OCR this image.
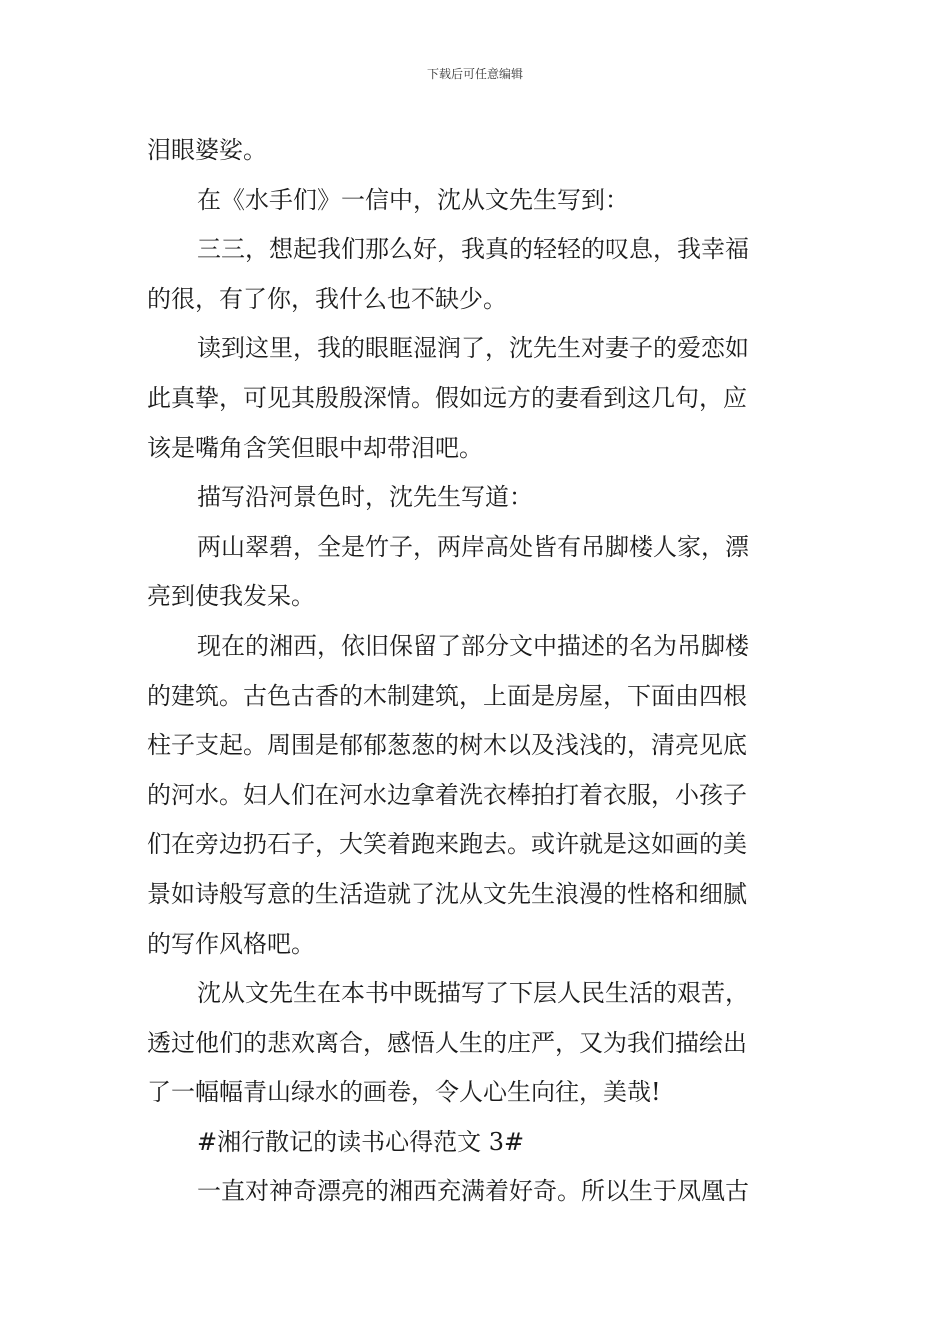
下载后可任意编辑
泪眼婆娑。
在《水手们》一信中，沈从文先生写到：
三三，想起我们那么好，我真的轻轻的叹息，我幸福
的很，有了你，我什么也不缺少。
读到这里，我的眼眶湿润了，沈先生对妻子的爱恋如
此真挚，可见其殷殷深情。假如远方的妻看到这几句，应
该是嘴角含笑但眼中却带泪吧。
描写沿河景色时，沈先生写道：
两山翠碧，全是竹子，两岸高处皆有吊脚楼人家，漂
亮到使我发呆。
现在的湘西，依旧保留了部分文中描述的名为吊脚楼
的建筑。古色古香的木制建筑，上面是房屋，下面由四根
柱子支起。周围是郁郁葱葱的树木以及浅浅的，清亮见底
的河水。妇人们在河水边拿着洗衣棒拍打着衣服，小孩子
们在旁边扔石子，大笑着跑来跑去。或许就是这如画的美
景如诗般写意的生活造就了沈从文先生浪漫的性格和细腻
的写作风格吧。
沈从文先生在本书中既描写了下层人民生活的艰苦，
透过他们的悲欢离合，感悟人生的庄严，又为我们描绘出
了一幅幅青山绿水的画卷，令人心生向往，美哉!
#湘行散记的读书心得范文 3#
一直对神奇漂亮的湘西充满着好奇。所以生于凤凰古
